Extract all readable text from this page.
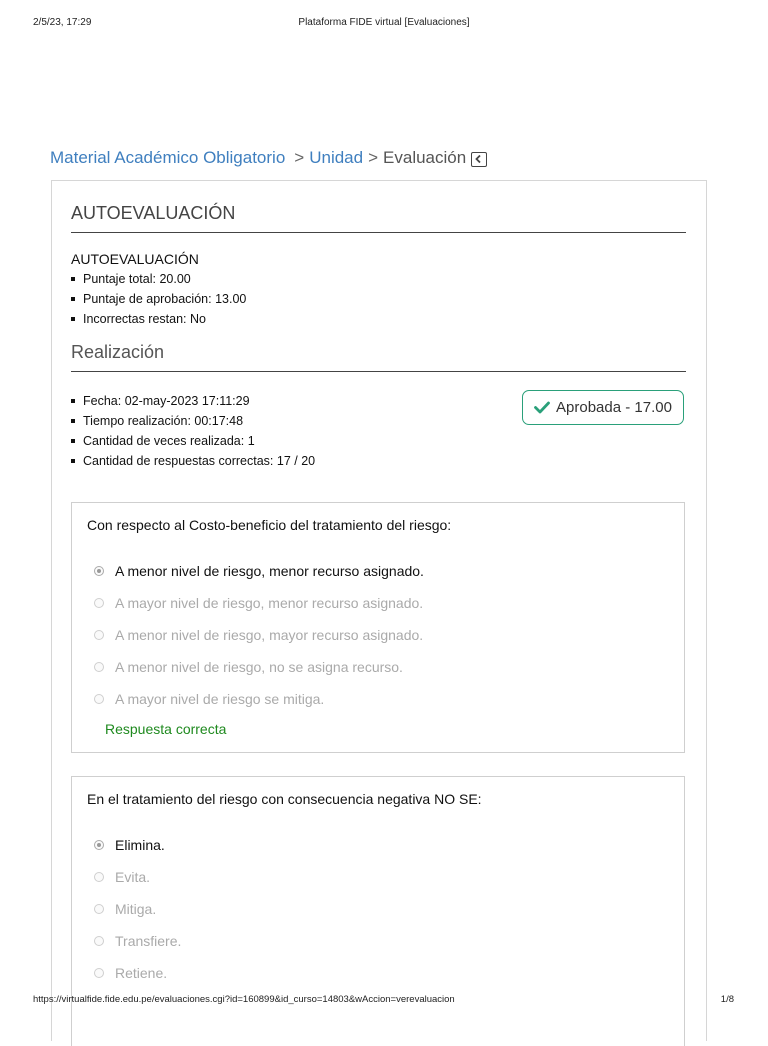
2/5/23, 17:29	Plataforma FIDE virtual [Evaluaciones]
Material Académico Obligatorio > Unidad > Evaluación
AUTOEVALUACIÓN
AUTOEVALUACIÓN
Puntaje total: 20.00
Puntaje de aprobación: 13.00
Incorrectas restan: No
Realización
Fecha: 02-may-2023 17:11:29
Tiempo realización: 00:17:48
Cantidad de veces realizada: 1
Cantidad de respuestas correctas: 17 / 20
Aprobada - 17.00
Con respecto al Costo-beneficio del tratamiento del riesgo:
A menor nivel de riesgo, menor recurso asignado.
A mayor nivel de riesgo, menor recurso asignado.
A menor nivel de riesgo, mayor recurso asignado.
A menor nivel de riesgo, no se asigna recurso.
A mayor nivel de riesgo se mitiga.
Respuesta correcta
En el tratamiento del riesgo con consecuencia negativa NO SE:
Elimina.
Evita.
Mitiga.
Transfiere.
Retiene.
https://virtualfide.fide.edu.pe/evaluaciones.cgi?id=160899&id_curso=14803&wAccion=verevaluacion	1/8
